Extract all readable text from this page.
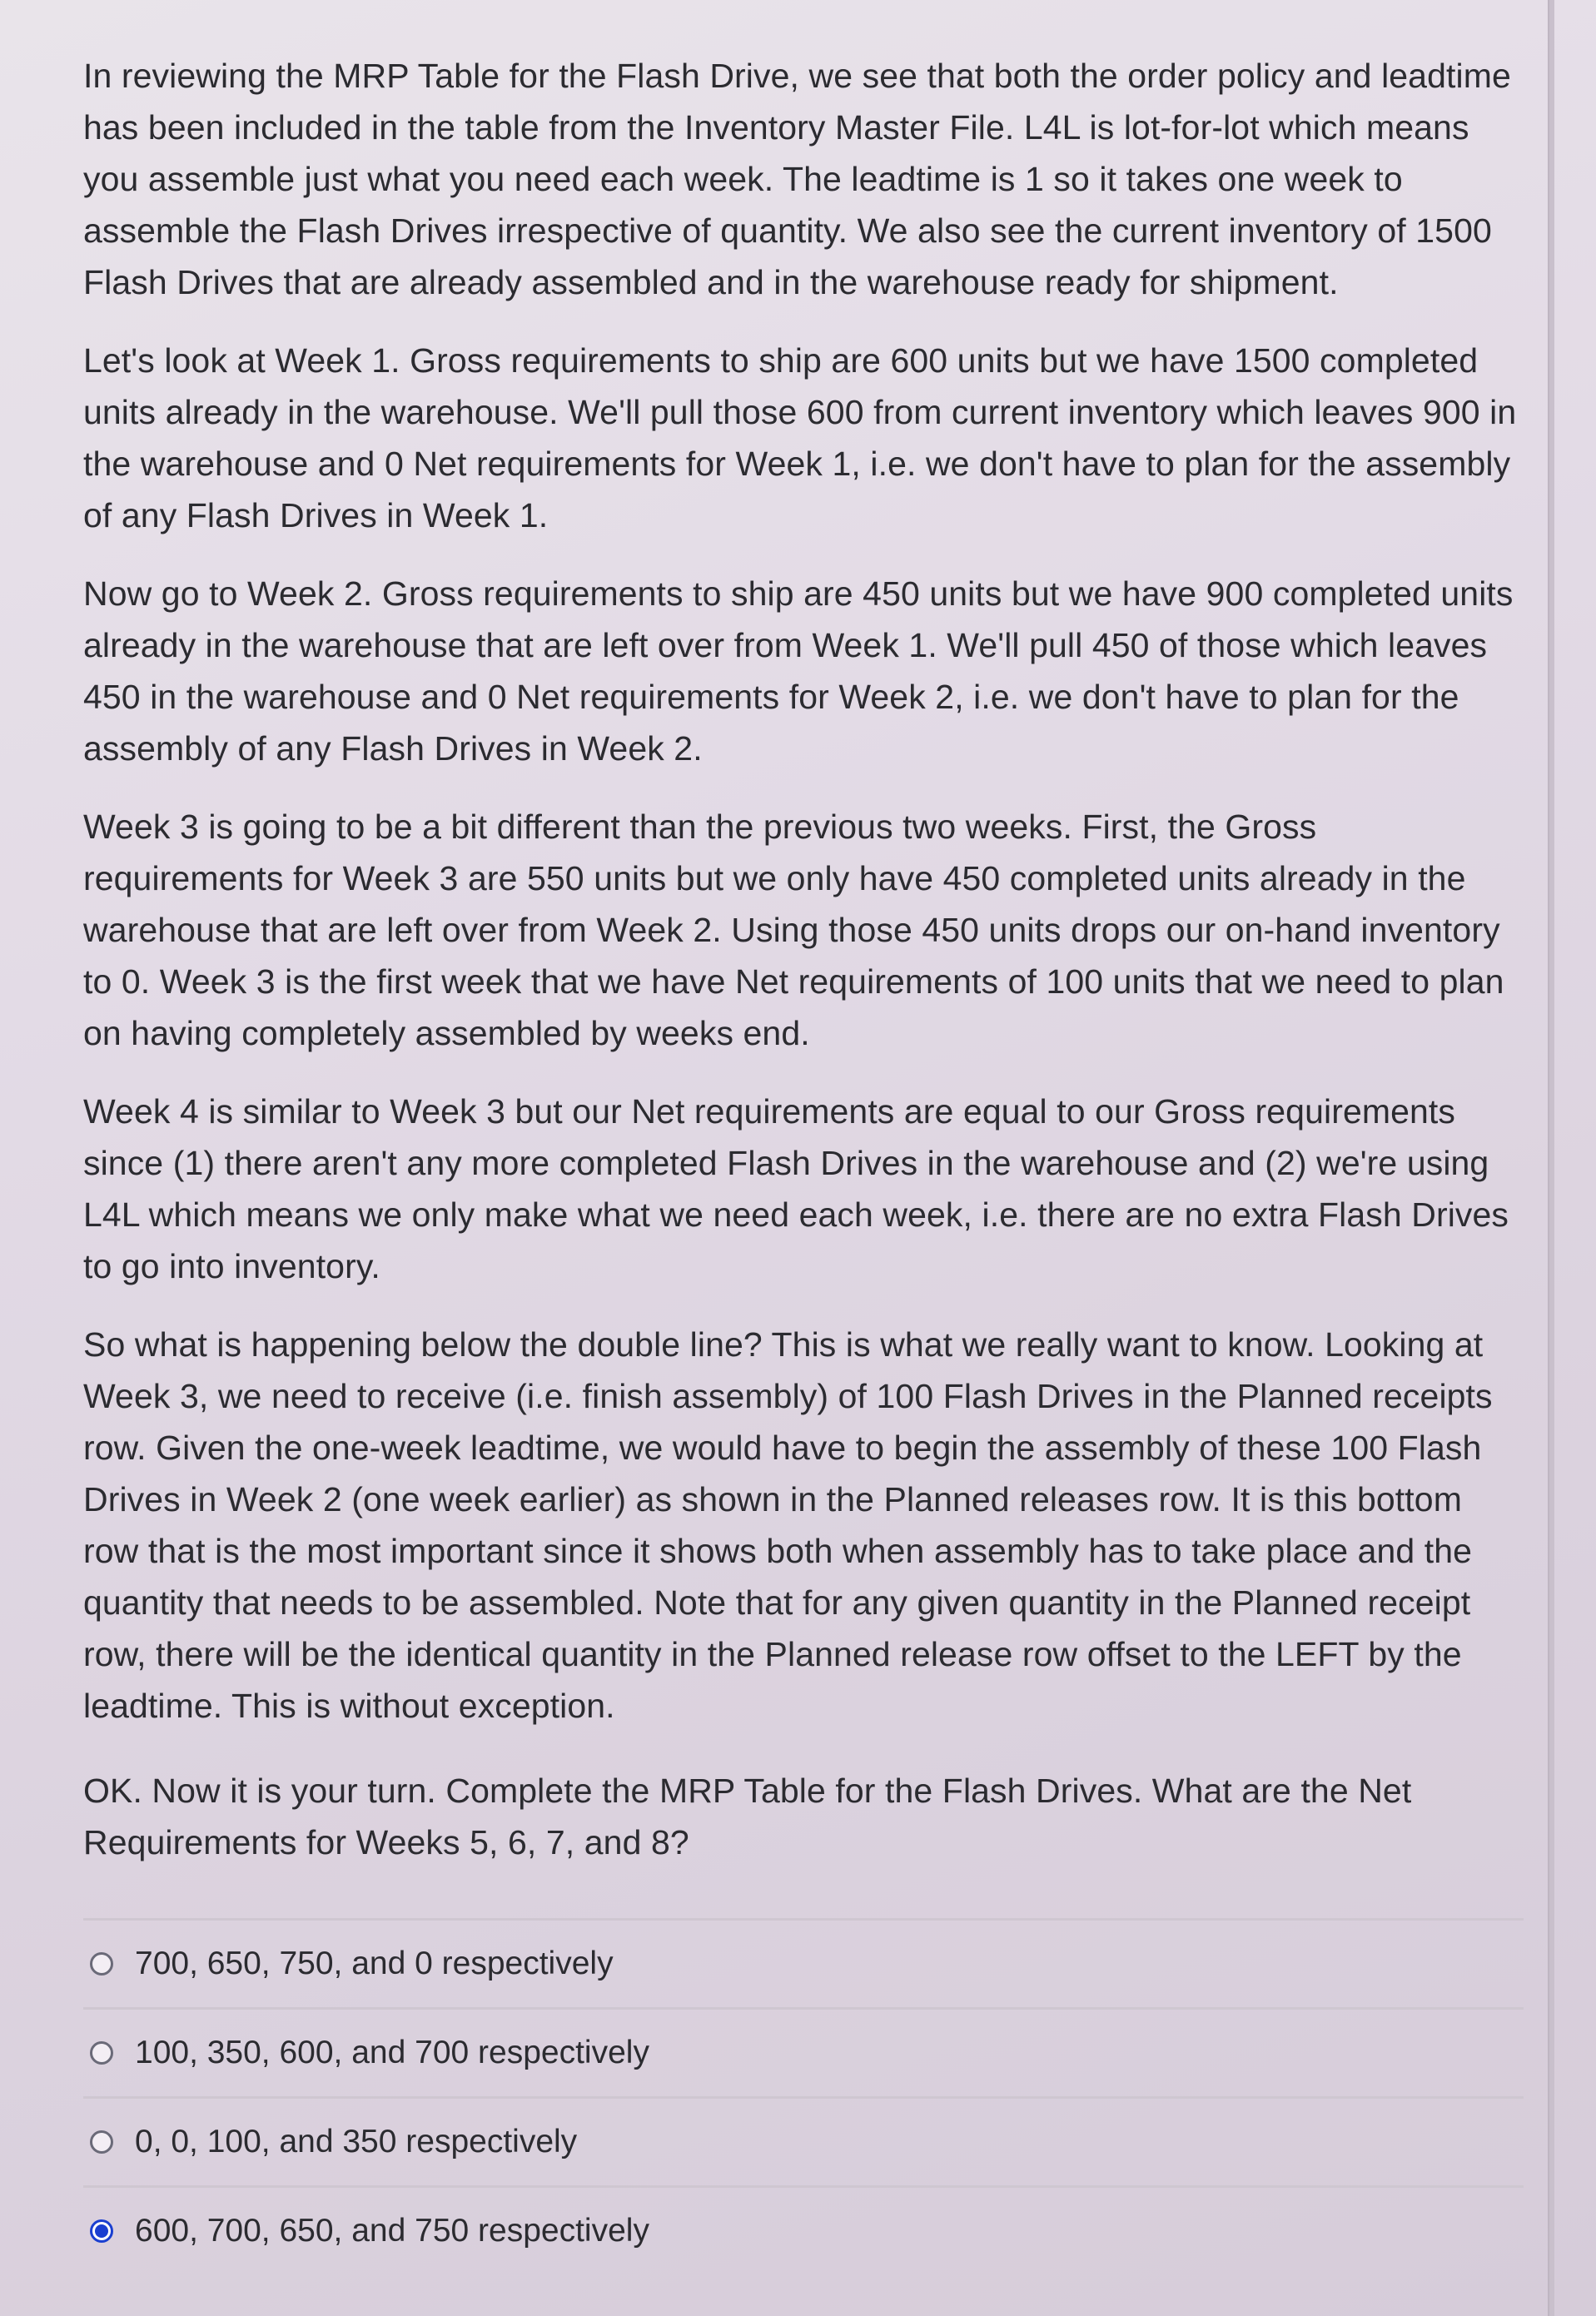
In reviewing the MRP Table for the Flash Drive, we see that both the order policy and leadtime has been included in the table from the Inventory Master File. L4L is lot-for-lot which means you assemble just what you need each week. The leadtime is 1 so it takes one week to assemble the Flash Drives irrespective of quantity. We also see the current inventory of 1500 Flash Drives that are already assembled and in the warehouse ready for shipment.

Let's look at Week 1. Gross requirements to ship are 600 units but we have 1500 completed units already in the warehouse. We'll pull those 600 from current inventory which leaves 900 in the warehouse and 0 Net requirements for Week 1, i.e. we don't have to plan for the assembly of any Flash Drives in Week 1.

Now go to Week 2. Gross requirements to ship are 450 units but we have 900 completed units already in the warehouse that are left over from Week 1. We'll pull 450 of those which leaves 450 in the warehouse and 0 Net requirements for Week 2, i.e. we don't have to plan for the assembly of any Flash Drives in Week 2.

Week 3 is going to be a bit different than the previous two weeks. First, the Gross requirements for Week 3 are 550 units but we only have 450 completed units already in the warehouse that are left over from Week 2. Using those 450 units drops our on-hand inventory to 0. Week 3 is the first week that we have Net requirements of 100 units that we need to plan on having completely assembled by weeks end.

Week 4 is similar to Week 3 but our Net requirements are equal to our Gross requirements since (1) there aren't any more completed Flash Drives in the warehouse and (2) we're using L4L which means we only make what we need each week, i.e. there are no extra Flash Drives to go into inventory.

So what is happening below the double line? This is what we really want to know. Looking at Week 3, we need to receive (i.e. finish assembly) of 100 Flash Drives in the Planned receipts row. Given the one-week leadtime, we would have to begin the assembly of these 100 Flash Drives in Week 2 (one week earlier) as shown in the Planned releases row. It is this bottom row that is the most important since it shows both when assembly has to take place and the quantity that needs to be assembled. Note that for any given quantity in the Planned receipt row, there will be the identical quantity in the Planned release row offset to the LEFT by the leadtime. This is without exception.

OK. Now it is your turn. Complete the MRP Table for the Flash Drives. What are the Net Requirements for Weeks 5, 6, 7, and 8?

700, 650, 750, and 0 respectively
100, 350, 600, and 700 respectively
0, 0, 100, and 350 respectively
600, 700, 650, and 750 respectively
